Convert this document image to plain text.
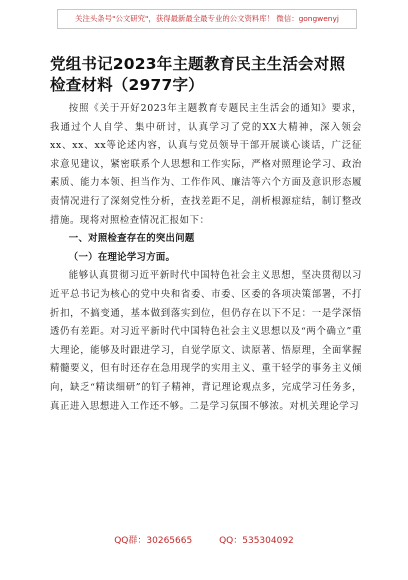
关注头条号"公文研究"，获得最新最全最专业的公文资料库！ 微信：gongwenyj
党组书记2023年主题教育民主生活会对照检查材料（2977字）

按照《关于开好2023年主题教育专题民主生活会的通知》要求，我通过个人自学、集中研讨，认真学习了党的XX大精神，深入领会xx、xx、xx等论述内容，认真与党员领导干部开展谈心谈话，广泛征求意见建议，紧密联系个人思想和工作实际，严格对照理论学习、政治素质、能力本领、担当作为、工作作风、廉洁等六个方面及意识形态履责情况进行了深刻党性分析，查找差距不足，剖析根源症结，制订整改措施。现将对照检查情况汇报如下：

一、对照检查存在的突出问题

（一）在理论学习方面。

能够认真贯彻习近平新时代中国特色社会主义思想，坚决贯彻以习近平总书记为核心的党中央和省委、市委、区委的各项决策部署，不打折扣，不搞变通，基本做到落实到位，但仍存在以下不足：一是学深悟透仍有差距。对习近平新时代中国特色社会主义思想以及“两个确立”重大理论，能够及时跟进学习，自觉学原文、读原著、悟原理，全面掌握精髓要义，但有时还存在急用现学的实用主义、重干轻学的事务主义倾向，缺乏“精读细研”的钉子精神，背记理论观点多，完成学习任务多，真正进入思想进入工作还不够。二是学习氛围不够浓。对机关理论学习

QQ群：30265665	QQ：535304092
